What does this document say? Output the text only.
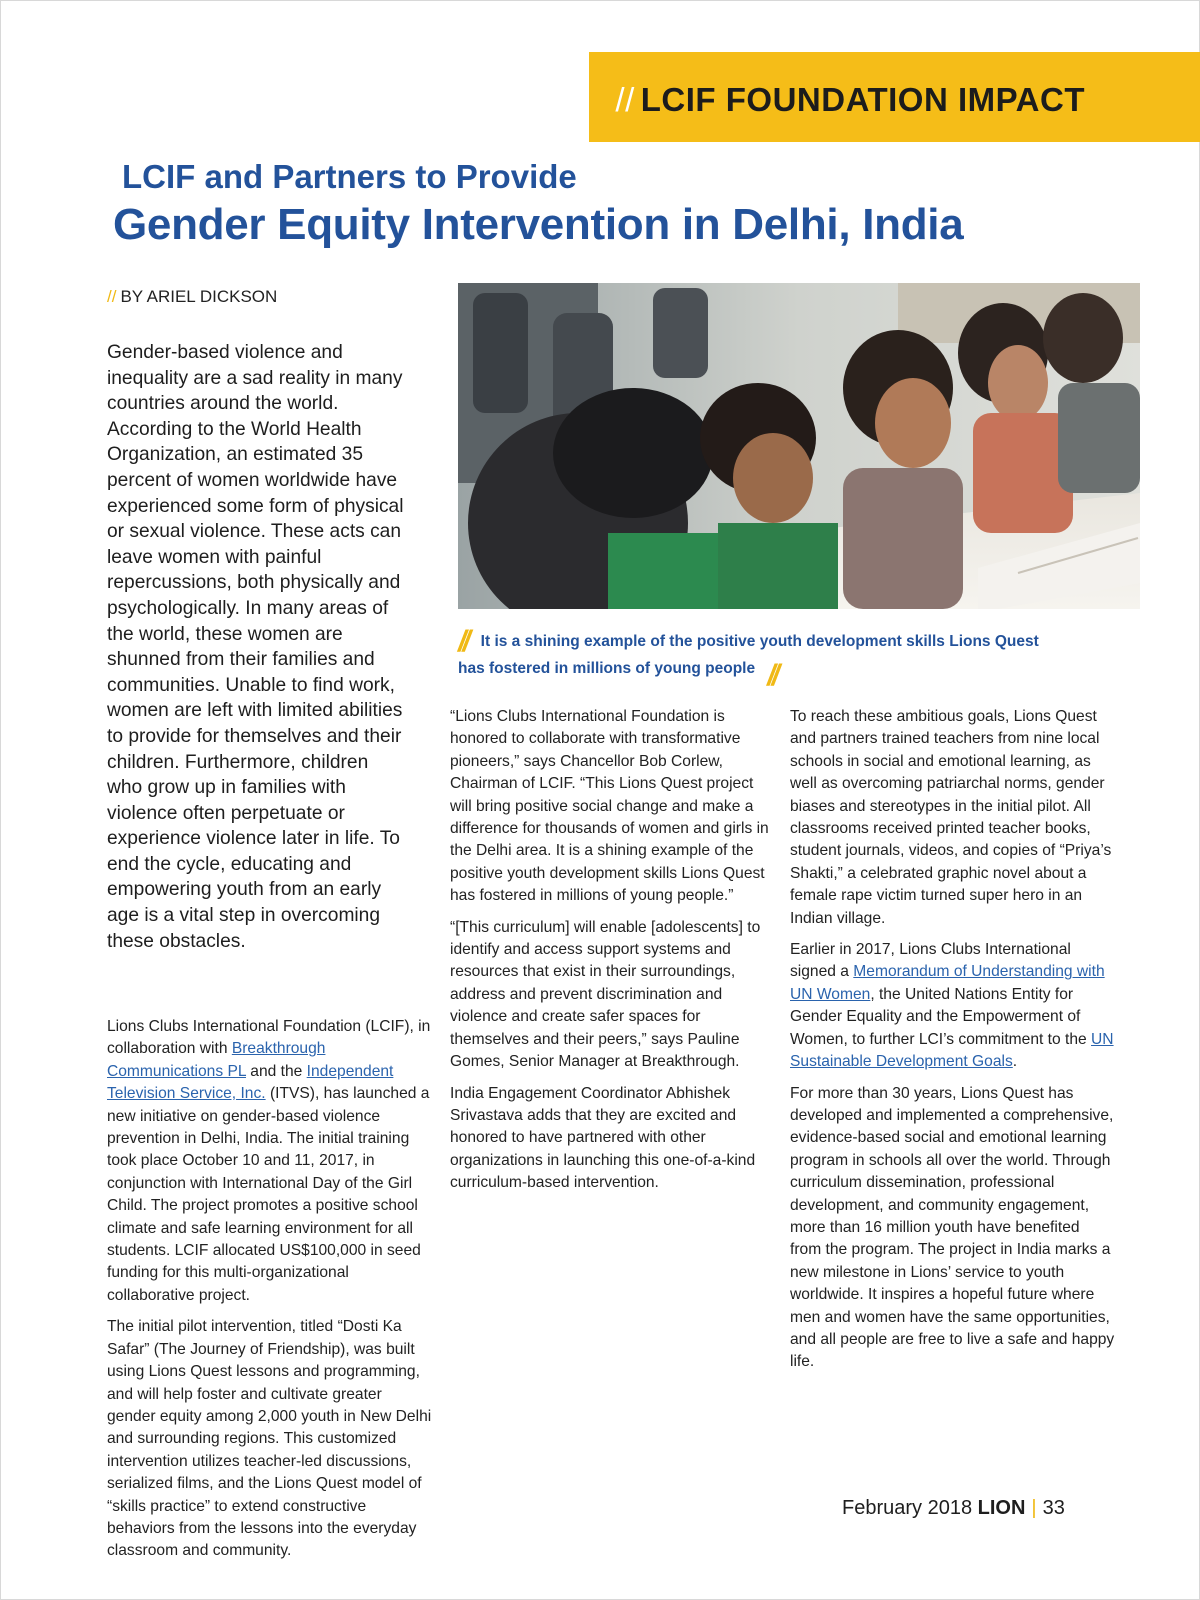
// LCIF FOUNDATION IMPACT
LCIF and Partners to Provide
Gender Equity Intervention in Delhi, India
// BY ARIEL DICKSON
// It is a shining example of the positive youth development skills Lions Quest
has fostered in millions of young people //

Gender-based violence and inequality are a sad reality in many countries around the world. According to the World Health Organization, an estimated 35 percent of women worldwide have experienced some form of physical or sexual violence. These acts can leave women with painful repercussions, both physically and psychologically. In many areas of the world, these women are shunned from their families and communities. Unable to find work, women are left with limited abilities to provide for themselves and their children. Furthermore, children who grow up in families with violence often perpetuate or experience violence later in life. To end the cycle, educating and empowering youth from an early age is a vital step in overcoming these obstacles.

Lions Clubs International Foundation (LCIF), in collaboration with Breakthrough Communications PL and the Independent Television Service, Inc. (ITVS), has launched a new initiative on gender-based violence prevention in Delhi, India. The initial training took place October 10 and 11, 2017, in conjunction with International Day of the Girl Child. The project promotes a positive school climate and safe learning environment for all students. LCIF allocated US$100,000 in seed funding for this multi-organizational collaborative project.

The initial pilot intervention, titled “Dosti Ka Safar” (The Journey of Friendship), was built using Lions Quest lessons and programming, and will help foster and cultivate greater gender equity among 2,000 youth in New Delhi and surrounding regions. This customized intervention utilizes teacher-led discussions, serialized films, and the Lions Quest model of “skills practice” to extend constructive behaviors from the lessons into the everyday classroom and community.

“Lions Clubs International Foundation is honored to collaborate with transformative pioneers,” says Chancellor Bob Corlew, Chairman of LCIF. “This Lions Quest project will bring positive social change and make a difference for thousands of women and girls in the Delhi area. It is a shining example of the positive youth development skills Lions Quest has fostered in millions of young people.”

“[This curriculum] will enable [adolescents] to identify and access support systems and resources that exist in their surroundings, address and prevent discrimination and violence and create safer spaces for themselves and their peers,” says Pauline Gomes, Senior Manager at Breakthrough.

India Engagement Coordinator Abhishek Srivastava adds that they are excited and honored to have partnered with other organizations in launching this one-of-a-kind curriculum-based intervention.

To reach these ambitious goals, Lions Quest and partners trained teachers from nine local schools in social and emotional learning, as well as overcoming patriarchal norms, gender biases and stereotypes in the initial pilot. All classrooms received printed teacher books, student journals, videos, and copies of “Priya’s Shakti,” a celebrated graphic novel about a female rape victim turned super hero in an Indian village.

Earlier in 2017, Lions Clubs International signed a Memorandum of Understanding with UN Women, the United Nations Entity for Gender Equality and the Empowerment of Women, to further LCI’s commitment to the UN Sustainable Development Goals.

For more than 30 years, Lions Quest has developed and implemented a comprehensive, evidence-based social and emotional learning program in schools all over the world. Through curriculum dissemination, professional development, and community engagement, more than 16 million youth have benefited from the program. The project in India marks a new milestone in Lions’ service to youth worldwide. It inspires a hopeful future where men and women have the same opportunities, and all people are free to live a safe and happy life.

February 2018 LION | 33
